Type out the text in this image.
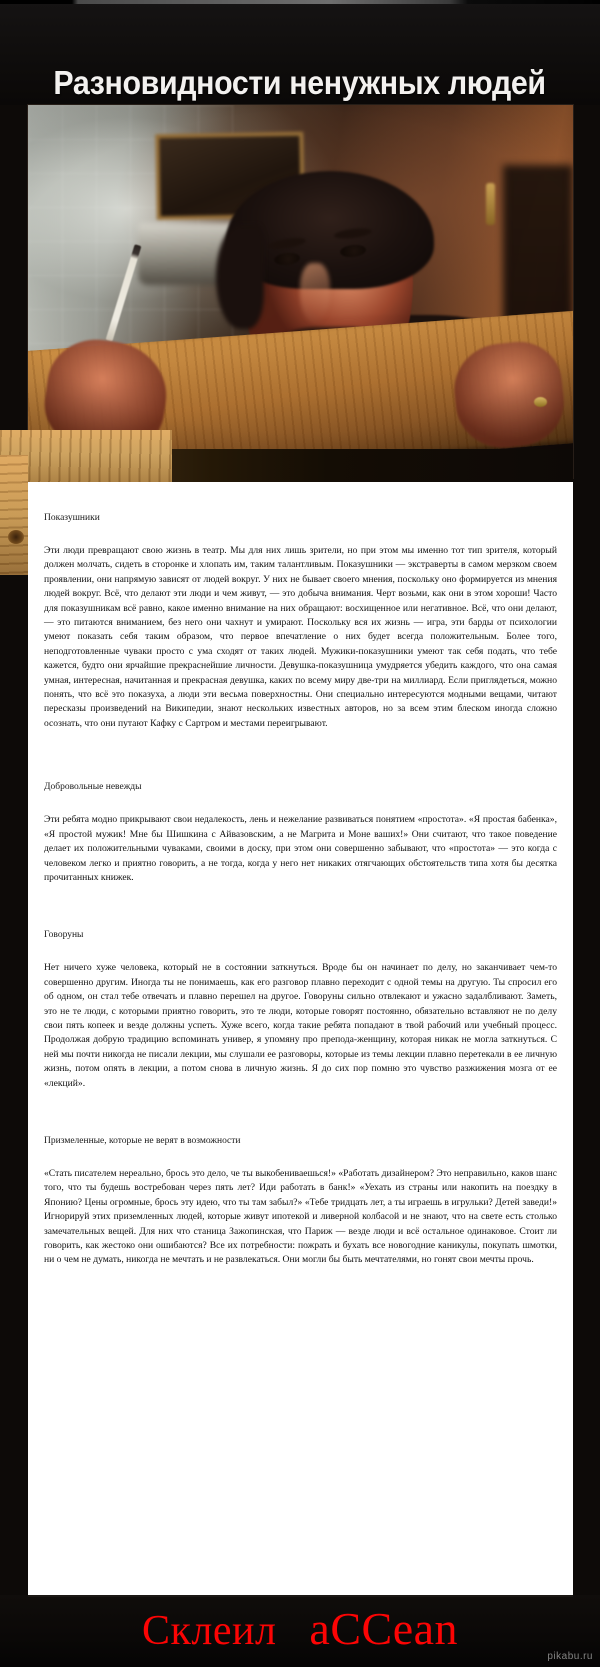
Разновидности ненужных людей
Показушники

Эти люди превращают свою жизнь в театр. Мы для них лишь зрители, но при этом мы именно тот тип зрителя, который должен молчать, сидеть в сторонке и хлопать им, таким талантливым. Показушники — экстраверты в самом мерзком своем проявлении, они напрямую зависят от людей вокруг. У них не бывает своего мнения, поскольку оно формируется из мнения людей вокруг. Всё, что делают эти люди и чем живут, — это добыча внимания. Черт возьми, как они в этом хороши! Часто для показушникам всё равно, какое именно внимание на них обращают: восхищенное или негативное. Всё, что они делают, — это питаются вниманием, без него они чахнут и умирают. Поскольку вся их жизнь — игра, эти барды от психологии умеют показать себя таким образом, что первое впечатление о них будет всегда положительным. Более того, неподготовленные чуваки просто с ума сходят от таких людей. Мужики-показушники умеют так себя подать, что тебе кажется, будто они ярчайшие прекраснейшие личности. Девушка-показушница умудряется убедить каждого, что она самая умная, интересная, начитанная и прекрасная девушка, каких по всему миру две-три на миллиард. Если приглядеться, можно понять, что всё это показуха, а люди эти весьма поверхностны. Они специально интересуются модными вещами, читают пересказы произведений на Википедии, знают нескольких известных авторов, но за всем этим блеском иногда сложно осознать, что они путают Кафку с Сартром и местами переигрывают.

Добровольные невежды

Эти ребята модно прикрывают свои недалекость, лень и нежелание развиваться понятием «простота». «Я простая бабенка», «Я простой мужик! Мне бы Шишкина с Айвазовским, а не Магрита и Моне ваших!» Они считают, что такое поведение делает их положительными чуваками, своими в доску, при этом они совершенно забывают, что «простота» — это когда с человеком легко и приятно говорить, а не тогда, когда у него нет никаких отягчающих обстоятельств типа хотя бы десятка прочитанных книжек.

Говоруны

Нет ничего хуже человека, который не в состоянии заткнуться. Вроде бы он начинает по делу, но заканчивает чем-то совершенно другим. Иногда ты не понимаешь, как его разговор плавно переходит с одной темы на другую. Ты спросил его об одном, он стал тебе отвечать и плавно перешел на другое. Говоруны сильно отвлекают и ужасно задалбливают. Заметь, это не те люди, с которыми приятно говорить, это те люди, которые говорят постоянно, обязательно вставляют не по делу свои пять копеек и везде должны успеть. Хуже всего, когда такие ребята попадают в твой рабочий или учебный процесс. Продолжая добрую традицию вспоминать универ, я упомяну про препода-женщину, которая никак не могла заткнуться. С ней мы почти никогда не писали лекции, мы слушали ее разговоры, которые из темы лекции плавно перетекали в ее личную жизнь, потом опять в лекции, а потом снова в личную жизнь. Я до сих пор помню это чувство разжижения мозга от ее «лекций».

Призмеленные, которые не верят в возможности

«Стать писателем нереально, брось это дело, че ты выкобениваешься!» «Работать дизайнером? Это неправильно, каков шанс того, что ты будешь востребован через пять лет? Иди работать в банк!» «Уехать из страны или накопить на поездку в Японию? Цены огромные, брось эту идею, что ты там забыл?» «Тебе тридцать лет, а ты играешь в игрульки? Детей заведи!» Игнорируй этих приземленных людей, которые живут ипотекой и ливерной колбасой и не знают, что на свете есть столько замечательных вещей. Для них что станица Зажопинская, что Париж — везде люди и всё остальное одинаковое. Стоит ли говорить, как жестоко они ошибаются? Все их потребности: пожрать и бухать все новогодние каникулы, покупать шмотки, ни о чем не думать, никогда не мечтать и не развлекаться. Они могли бы быть мечтателями, но гонят свои мечты прочь.

Склеил aCCean
pikabu.ru
